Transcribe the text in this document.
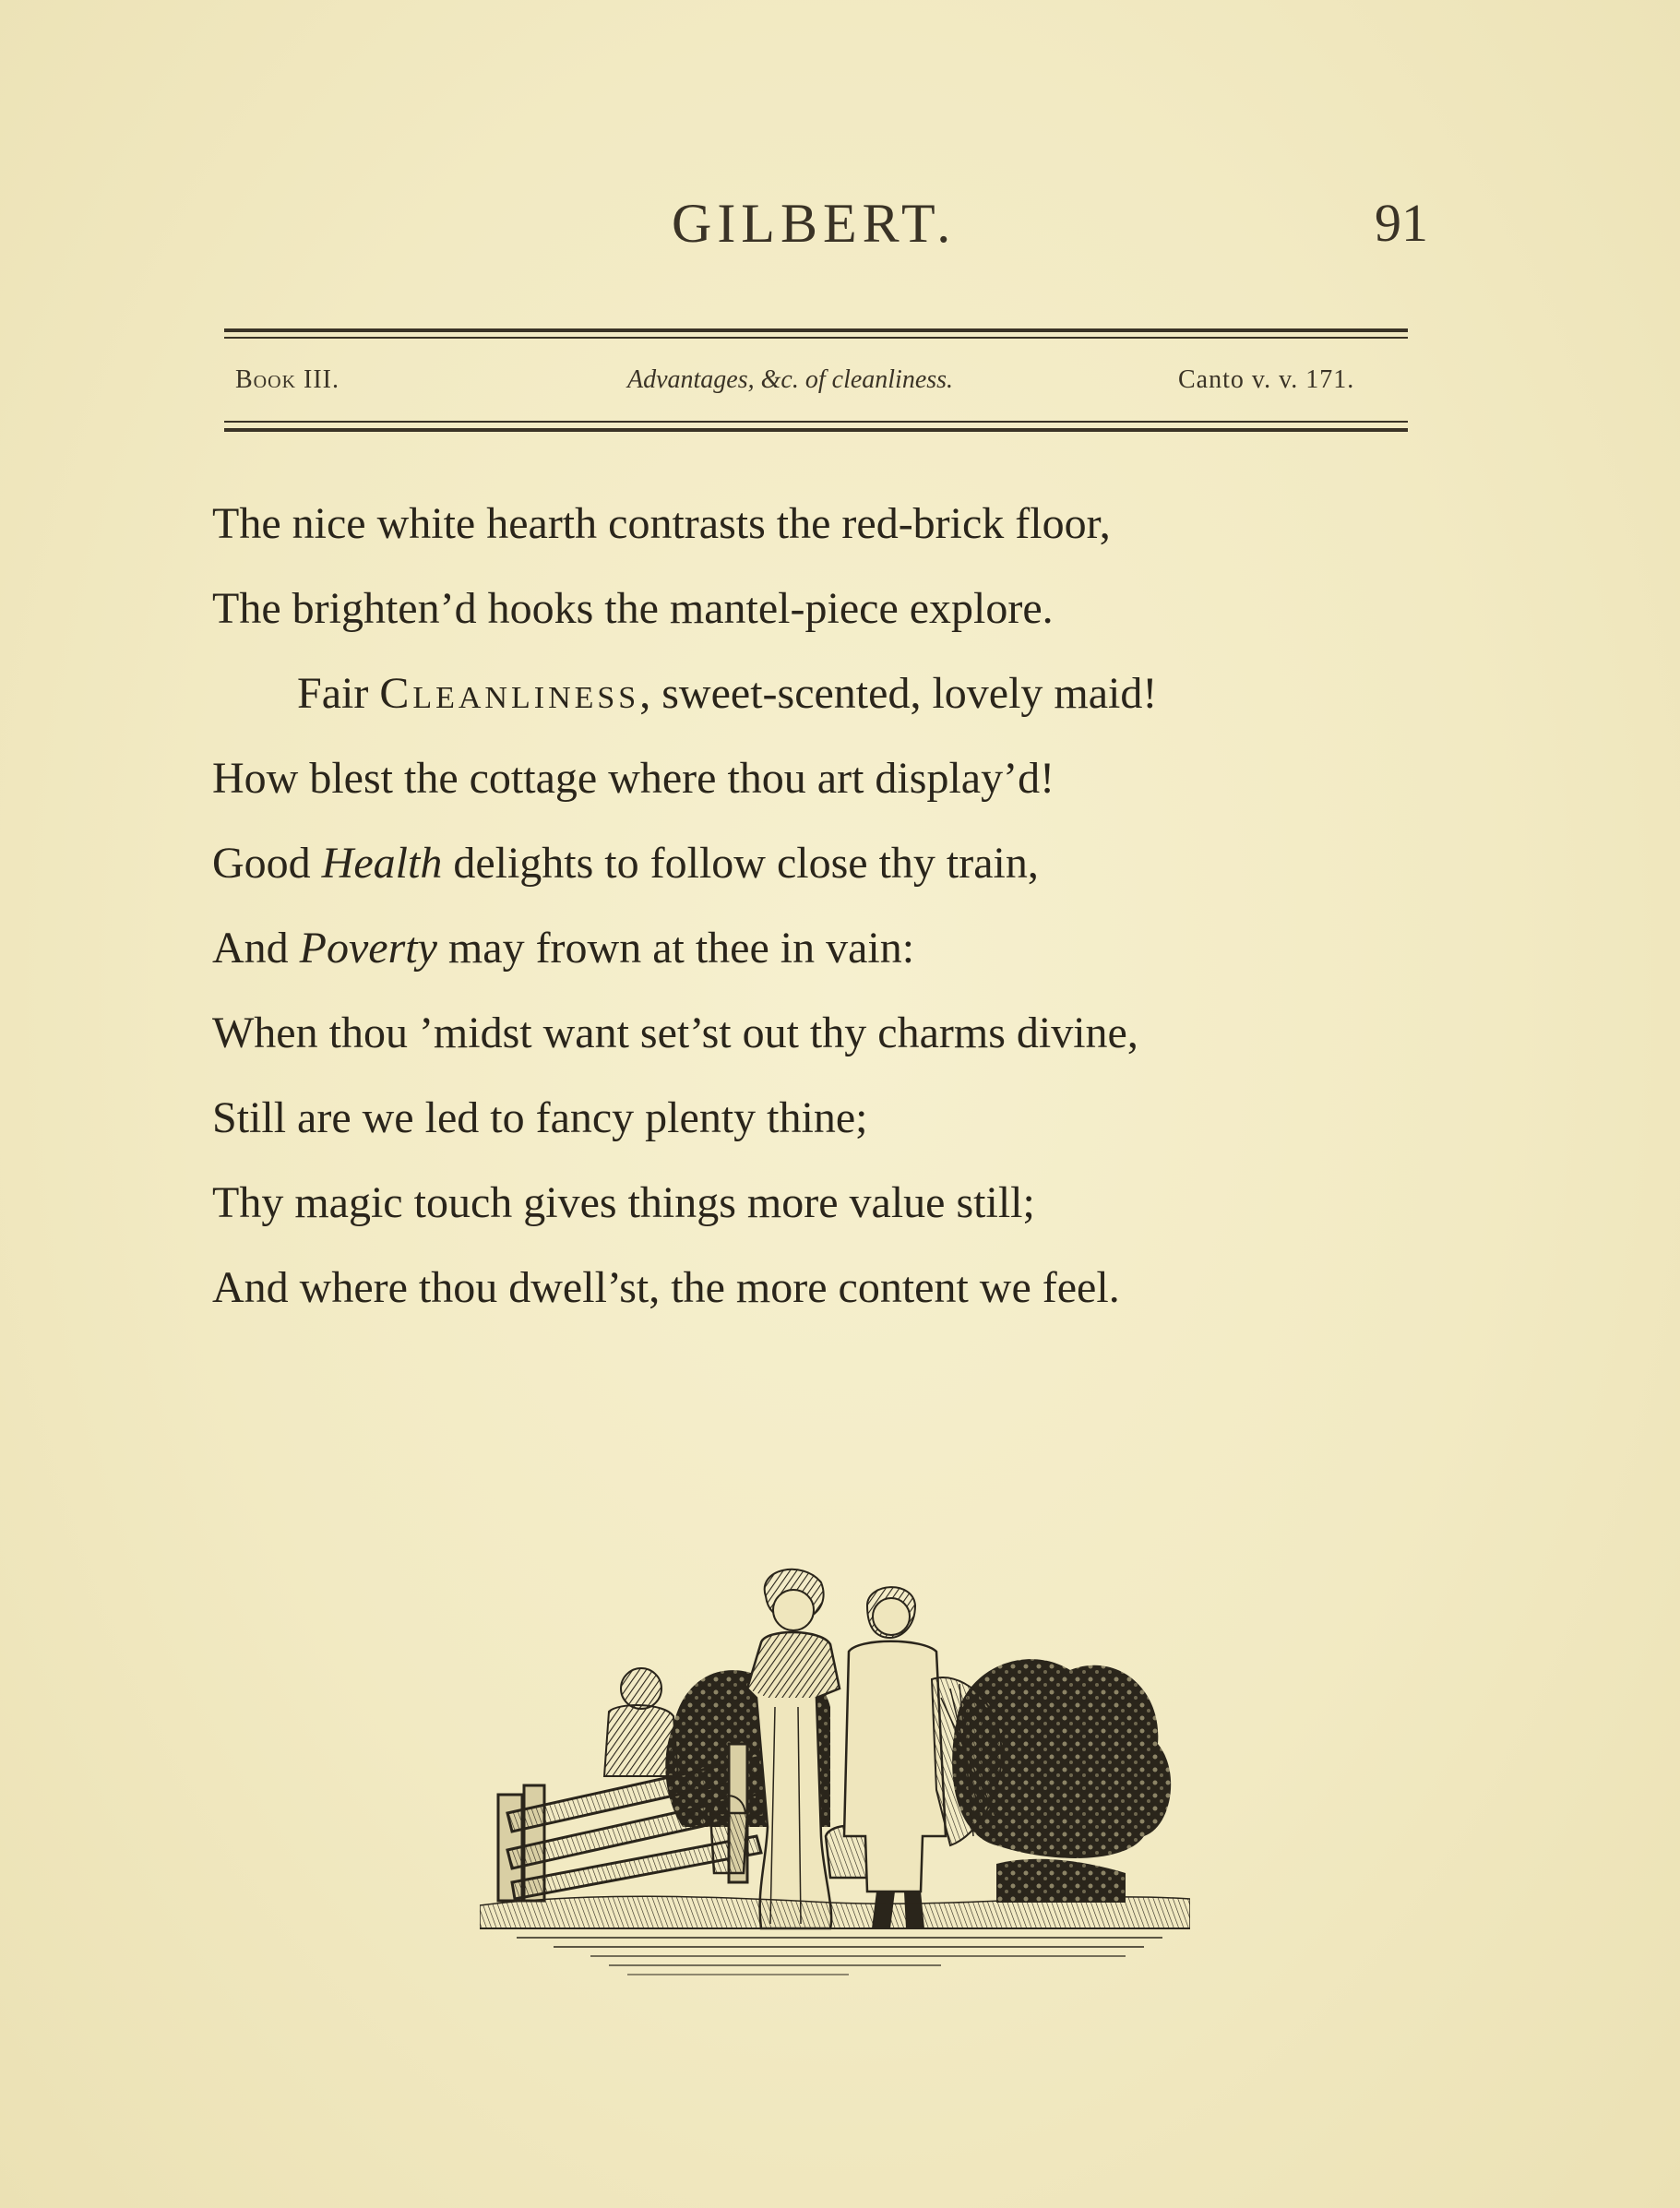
GILBERT.	91
Book III.	Advantages, &c. of cleanliness.	Canto v. v. 171.
The nice white hearth contrasts the red-brick floor,
The brighten’d hooks the mantel-piece explore.
Fair Cleanliness, sweet-scented, lovely maid!
How blest the cottage where thou art display’d!
Good Health delights to follow close thy train,
And Poverty may frown at thee in vain:
When thou ’midst want set’st out thy charms divine,
Still are we led to fancy plenty thine;
Thy magic touch gives things more value still;
And where thou dwell’st, the more content we feel.
